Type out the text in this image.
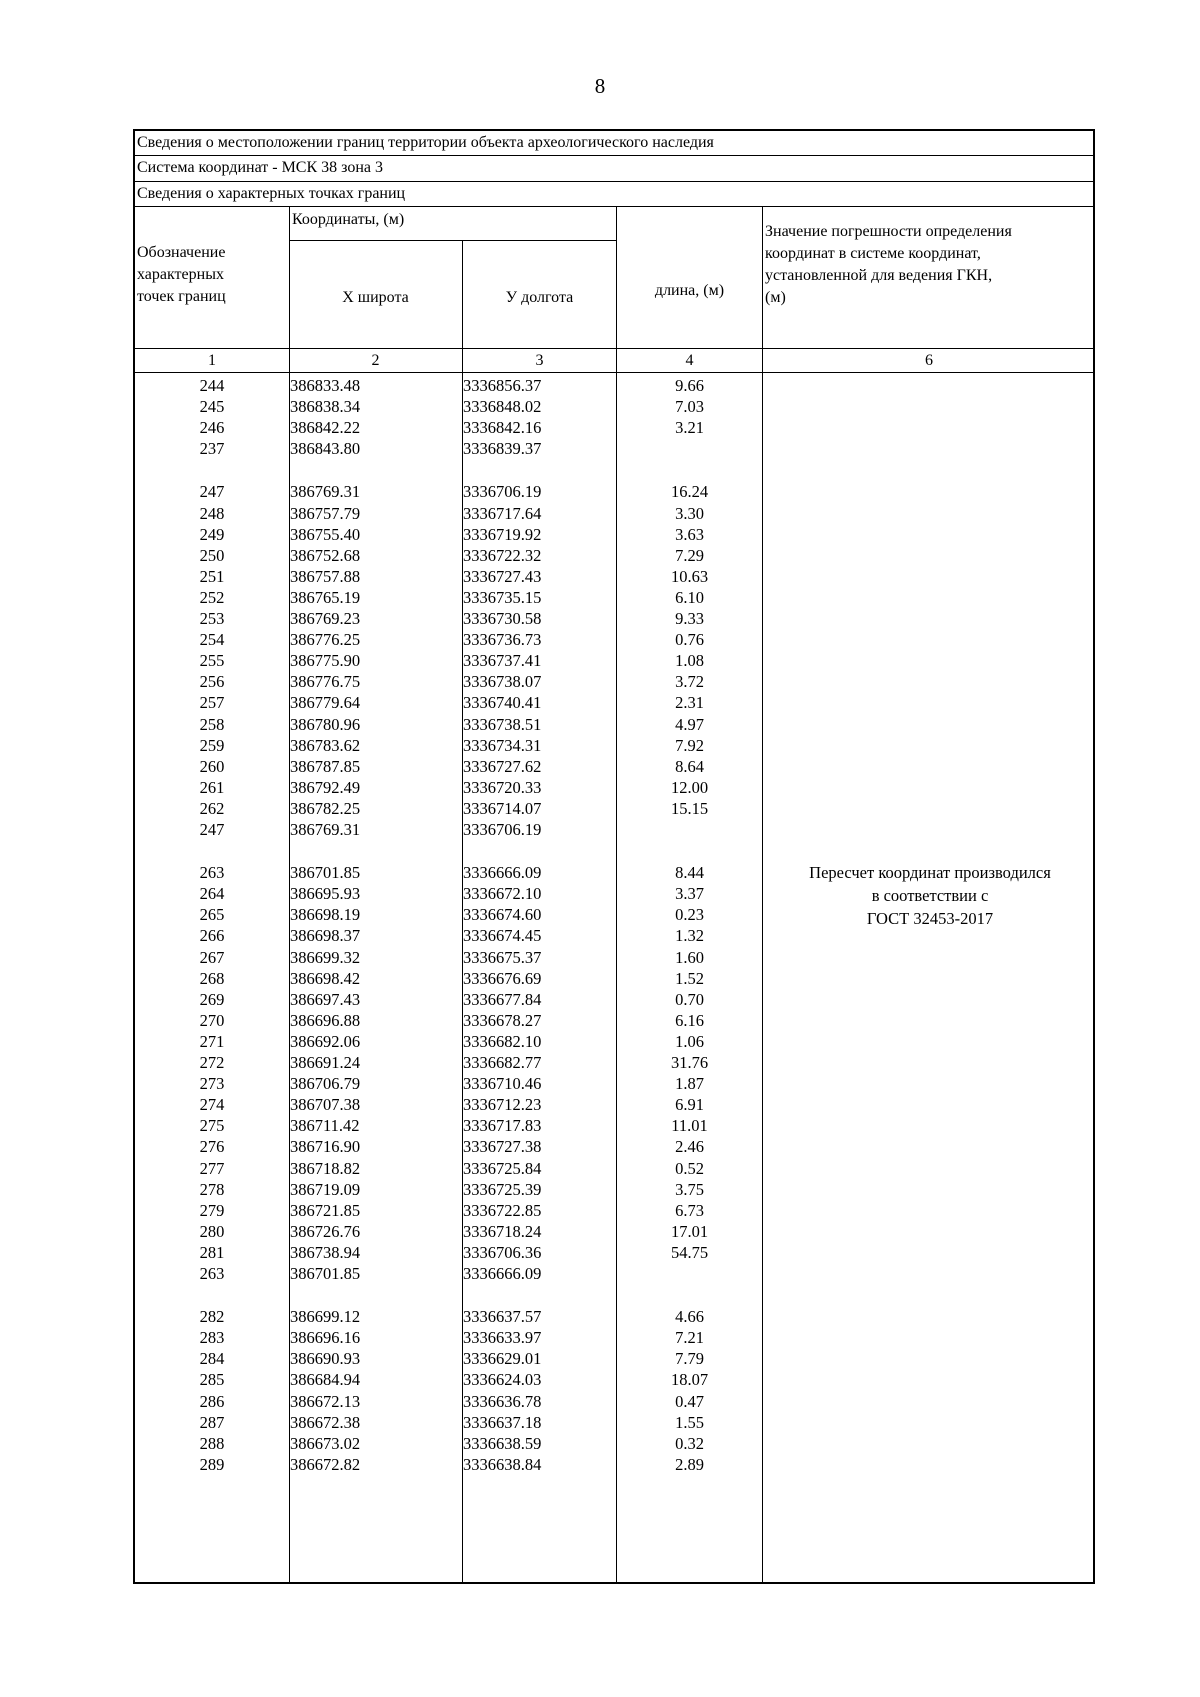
8
Сведения о местоположении границ территории объекта археологического наследия
Система координат - МСК 38 зона 3
Сведения о характерных точках границ
Обозначение
характерных
точек границ
Координаты, (м)
X широта	У долгота	длина, (м)
Значение погрешности определения
координат в системе координат,
установленной для ведения ГКН,
(м)
1	2	3	4	6
244	386833.48	3336856.37	9.66
245	386838.34	3336848.02	7.03
246	386842.22	3336842.16	3.21
237	386843.80	3336839.37
247	386769.31	3336706.19	16.24
248	386757.79	3336717.64	3.30
249	386755.40	3336719.92	3.63
250	386752.68	3336722.32	7.29
251	386757.88	3336727.43	10.63
252	386765.19	3336735.15	6.10
253	386769.23	3336730.58	9.33
254	386776.25	3336736.73	0.76
255	386775.90	3336737.41	1.08
256	386776.75	3336738.07	3.72
257	386779.64	3336740.41	2.31
258	386780.96	3336738.51	4.97
259	386783.62	3336734.31	7.92
260	386787.85	3336727.62	8.64
261	386792.49	3336720.33	12.00
262	386782.25	3336714.07	15.15
247	386769.31	3336706.19
263	386701.85	3336666.09	8.44
264	386695.93	3336672.10	3.37
265	386698.19	3336674.60	0.23
266	386698.37	3336674.45	1.32
267	386699.32	3336675.37	1.60
268	386698.42	3336676.69	1.52
269	386697.43	3336677.84	0.70
270	386696.88	3336678.27	6.16
271	386692.06	3336682.10	1.06
272	386691.24	3336682.77	31.76
273	386706.79	3336710.46	1.87
274	386707.38	3336712.23	6.91
275	386711.42	3336717.83	11.01
276	386716.90	3336727.38	2.46
277	386718.82	3336725.84	0.52
278	386719.09	3336725.39	3.75
279	386721.85	3336722.85	6.73
280	386726.76	3336718.24	17.01
281	386738.94	3336706.36	54.75
263	386701.85	3336666.09
282	386699.12	3336637.57	4.66
283	386696.16	3336633.97	7.21
284	386690.93	3336629.01	7.79
285	386684.94	3336624.03	18.07
286	386672.13	3336636.78	0.47
287	386672.38	3336637.18	1.55
288	386673.02	3336638.59	0.32
289	386672.82	3336638.84	2.89
Пересчет координат производился
в соответствии с
ГОСТ 32453-2017
